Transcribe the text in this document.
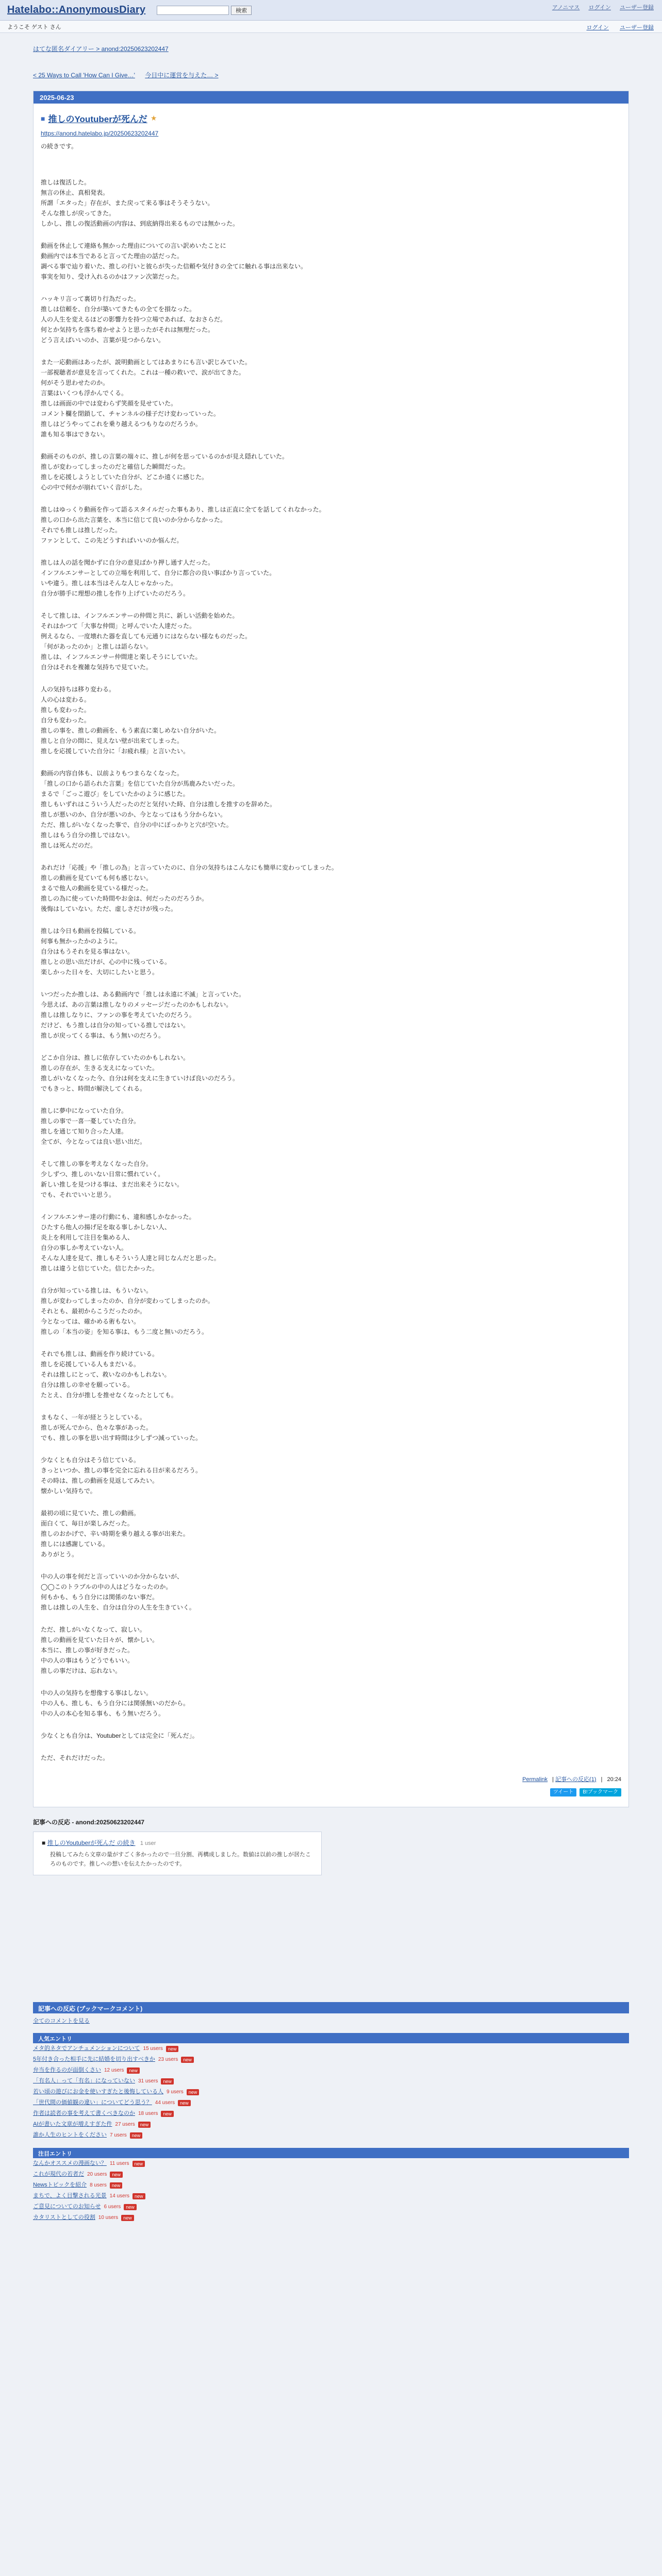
Hatelabo::AnonymousDiary	検索	アノニマス ログイン ユーザー登録
ようこそ ゲスト さん	ログイン ユーザー登録
はてな匿名ダイアリー > anond:20250623202447
< 25 Ways to Call 'How Can I Give…' 今日中に運営を与えた… >
2025-06-23
■ 推しのYoutuberが死んだ ★
https://anond.hatelabo.jp/20250623202447

の続きです。

推しは復活した。
無言の休止、真相発表。
所謂「エタった」存在が、また戻って来る事はそうそうない。
そんな推しが戻ってきた。
しかし、推しの復活動画の内容は、到底納得出来るものでは無かった。

動画を休止して連絡も無かった理由についての言い訳めいたことに
動画内では本当であると言ってた理由の話だった。
調べる事で辿り着いた、推しの行いと彼らが失った信頼や気付きの全てに触れる事は出来ない。
事実を知り、受け入れるのかはファン次第だった。

ハッキリ言って裏切り行為だった。
推しは信頼を、自分が築いてきたもの全てを損なった。
人の人生を変えるほどの影響力を持つ立場であれば、なおさらだ。
何とか気持ちを落ち着かせようと思ったがそれは無理だった。
どう言えばいいのか、言葉が見つからない。

また一応動画はあったが、説明動画としてはあまりにも言い訳じみていた。
一部視聴者が意見を言ってくれた。これは一種の救いで、涙が出てきた。
何がそう思わせたのか。
言葉はいくつも浮かんでくる。
推しは画面の中では変わらず笑顔を見せていた。
コメント欄を閉鎖して、チャンネルの様子だけ変わっていった。
推しはどうやってこれを乗り越えるつもりなのだろうか。
誰も知る事はできない。

動画そのものが、推しの言葉の端々に、推しが何を思っているのかが見え隠れしていた。
推しが変わってしまったのだと確信した瞬間だった。
推しを応援しようとしていた自分が、どこか遠くに感じた。
心の中で何かが崩れていく音がした。

推しはゆっくり動画を作って語るスタイルだった事もあり、推しは正直に全てを話してくれなかった。
推しの口から出た言葉を、本当に信じて良いのか分からなかった。
それでも推しは推しだった。
ファンとして、この先どうすればいいのか悩んだ。

推しは人の話を聞かずに自分の意見ばかり押し通す人だった。
インフルエンサーとしての立場を利用して、自分に都合の良い事ばかり言っていた。
いや違う。推しは本当はそんな人じゃなかった。
自分が勝手に理想の推しを作り上げていたのだろう。

そして推しは、インフルエンサーの仲間と共に、新しい活動を始めた。
それはかつて「大事な仲間」と呼んでいた人達だった。
例えるなら、一度壊れた器を直しても元通りにはならない様なものだった。
「何があったのか」と推しは語らない。
推しは、インフルエンサー仲間達と楽しそうにしていた。
自分はそれを複雑な気持ちで見ていた。

人の気持ちは移り変わる。
人の心は変わる。
推しも変わった。
自分も変わった。
推しの事を、推しの動画を、もう素直に楽しめない自分がいた。
推しと自分の間に、見えない壁が出来てしまった。
推しを応援していた自分に「お疲れ様」と言いたい。

動画の内容自体も、以前よりもつまらなくなった。
「推しの口から語られた言葉」を信じていた自分が馬鹿みたいだった。
まるで「ごっこ遊び」をしていたかのように感じた。
推しもいずれはこういう人だったのだと気付いた時、自分は推しを推すのを辞めた。
推しが悪いのか、自分が悪いのか、今となってはもう分からない。
ただ、推しがいなくなった事で、自分の中にぽっかりと穴が空いた。
推しはもう自分の推しではない。
推しは死んだのだ。

あれだけ「応援」や「推しの為」と言っていたのに、自分の気持ちはこんなにも簡単に変わってしまった。
推しの動画を見ていても何も感じない。
まるで他人の動画を見ている様だった。
推しの為に使っていた時間やお金は、何だったのだろうか。
後悔はしていない。ただ、虚しさだけが残った。

推しは今日も動画を投稿している。
何事も無かったかのように。
自分はもうそれを見る事はない。
推しとの思い出だけが、心の中に残っている。
楽しかった日々を、大切にしたいと思う。

いつだったか推しは、ある動画内で「推しは永遠に不滅」と言っていた。
今思えば、あの言葉は推しなりのメッセージだったのかもしれない。
推しは推しなりに、ファンの事を考えていたのだろう。
だけど、もう推しは自分の知っている推しではない。
推しが戻ってくる事は、もう無いのだろう。

どこか自分は、推しに依存していたのかもしれない。
推しの存在が、生きる支えになっていた。
推しがいなくなった今、自分は何を支えに生きていけば良いのだろう。
でもきっと、時間が解決してくれる。

推しに夢中になっていた自分。
推しの事で一喜一憂していた自分。
推しを通じて知り合った人達。
全てが、今となっては良い思い出だ。

そして推しの事を考えなくなった自分。
少しずつ、推しのいない日常に慣れていく。
新しい推しを見つける事は、まだ出来そうにない。
でも、それでいいと思う。

インフルエンサー達の行動にも、違和感しかなかった。
ひたすら他人の揚げ足を取る事しかしない人、
炎上を利用して注目を集める人、
自分の事しか考えていない人。
そんな人達を見て、推しもそういう人達と同じなんだと思った。
推しは違うと信じていた。信じたかった。

自分が知っている推しは、もういない。
推しが変わってしまったのか、自分が変わってしまったのか。
それとも、最初からこうだったのか。
今となっては、確かめる術もない。
推しの「本当の姿」を知る事は、もう二度と無いのだろう。

それでも推しは、動画を作り続けている。
推しを応援している人もまだいる。
それは推しにとって、救いなのかもしれない。
自分は推しの幸せを願っている。
たとえ、自分が推しを推せなくなったとしても。

まもなく、一年が経とうとしている。
推しが死んでから、色々な事があった。
でも、推しの事を思い出す時間は少しずつ減っていった。

少なくとも自分はそう信じている。
きっといつか、推しの事を完全に忘れる日が来るだろう。
その時は、推しの動画を見返してみたい。
懐かしい気持ちで。

最初の頃に見ていた、推しの動画。
面白くて、毎日が楽しみだった。
推しのおかげで、辛い時期を乗り越える事が出来た。
推しには感謝している。
ありがとう。

中の人の事を何だと言っていいのか分からないが、
◯◯このトラブルの中の人はどうなったのか。
何もかも、もう自分には関係のない事だ。
推しは推しの人生を、自分は自分の人生を生きていく。

ただ、推しがいなくなって、寂しい。
推しの動画を見ていた日々が、懐かしい。
本当に、推しの事が好きだった。
中の人の事はもうどうでもいい。
推しの事だけは、忘れない。

中の人の気持ちを想像する事はしない。
中の人も、推しも、もう自分には関係無いのだから。
中の人の本心を知る事も、もう無いだろう。

少なくとも自分は、Youtuberとしては完全に「死んだ」。

ただ、それだけだった。

Permalink | 記事への反応(1) | 20:24
ツイート	B!ブックマーク
記事への反応 - anond:20250623202447
■ 推しのYoutuberが死んだ の続き 1 user
投稿してみたら文章の量がすごく多かったので一旦分割、再構成しました。数値は以前の推しが居たころのものです。推しへの想いを伝えたかったのです。
記事への反応 (ブックマークコメント)
全てのコメントを見る
人気エントリ
メタ的ネタでアンチュメンションについて 15 users	new
5年付き合った相手に先に結婚を切り出すべきか 23 users	new
弁当を作るのが面倒くさい 12 users	new
「有名人」って「有名」になっていない 31 users	new
若い頃の遊びにお金を使いすぎたと後悔している人 9 users	new
「世代間の価値観の違い」についてどう思う？ 44 users	new
作者は読者の事を考えて書くべきなのか 18 users	new
AIが書いた文章が増えすぎた件 27 users	new
誰か人生のヒントをください 7 users	new
注目エントリ
なんかオススメの漫画ない？ 11 users	new
これが現代の若者だ 20 users	new
Newsトピックを紹介 8 users	new
まちで、よく目撃される光景 14 users	new
ご意見についてのお知らせ 6 users	new
カタリストとしての役割 10 users	new
